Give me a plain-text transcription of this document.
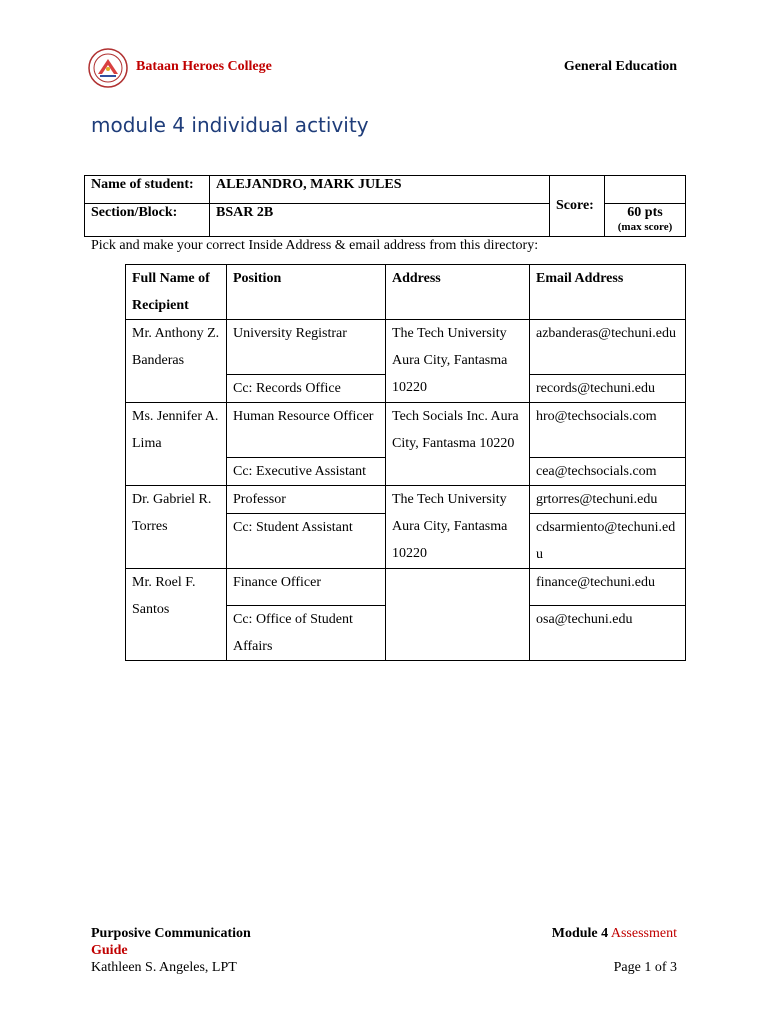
Bataan Heroes College	General Education
module 4 individual activity
Name of student:	ALEJANDRO, MARK JULES	Score:	
Section/Block:	BSAR 2B		60 pts
(max score)
Pick and make your correct Inside Address & email address from this directory:
Full Name of Recipient	Position	Address	Email Address
Mr. Anthony Z. Banderas	University Registrar	The Tech University Aura City, Fantasma 10220	azbanderas@techuni.edu
	Cc: Records Office		records@techuni.edu
Ms. Jennifer A. Lima	Human Resource Officer	Tech Socials Inc. Aura City, Fantasma 10220	hro@techsocials.com
	Cc: Executive Assistant		cea@techsocials.com
Dr. Gabriel R. Torres	Professor	The Tech University Aura City, Fantasma 10220	grtorres@techuni.edu
	Cc: Student Assistant		cdsarmiento@techuni.edu
Mr. Roel F. Santos	Finance Officer		finance@techuni.edu
	Cc: Office of Student Affairs		osa@techuni.edu
Purposive Communication
Guide
Kathleen S. Angeles, LPT
Module 4 Assessment

Page 1 of 3
